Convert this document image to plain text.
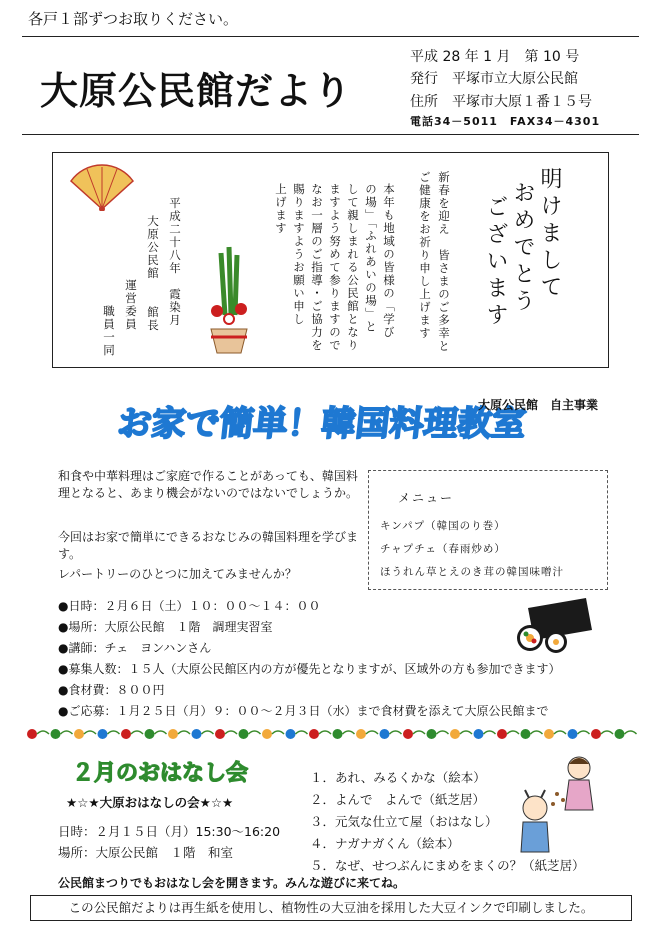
各戸１部ずつお取りください。
大原公民館だより
平成 28 年 1 月　第 10 号
発行　平塚市立大原公民館
住所　平塚市大原１番１５号
電話34－5011　FAX34－4301
明けまして
おめでとう
ございます
新春を迎え　皆さまのご多幸と
ご健康をお祈り申し上げます
本年も地域の皆様の「学び
の場」「ふれあいの場」と
して親しまれる公民館となり
ますよう努めて参りますので
なお一層のご指導・ご協力を
賜りますようお願い申し
上げます
平成二十八年　霞染月
大原公民館　　館長
運営委員
職員一同
お家で簡単！韓国料理教室
大原公民館　自主事業
和食や中華料理はご家庭で作ることがあっても、韓国料理となると、あまり機会がないのではないでしょうか。
今回はお家で簡単にできるおなじみの韓国料理を学びます。
レパートリーのひとつに加えてみませんか？
メニュー
キンパプ（韓国のり巻）
チャプチェ（春雨炒め）
ほうれん草とえのき茸の韓国味噌汁
●日時：２月６日（土）１０：００～１４：００
●場所：大原公民館　１階　調理実習室
●講師：チェ　ヨンハンさん
●募集人数：１５人（大原公民館区内の方が優先となりますが、区域外の方も参加できます）
●食材費：８００円
●ご応募：１月２５日（月）９：００～２月３日（水）まで食材費を添えて大原公民館まで
２月のおはなし会
★☆★大原おはなしの会★☆★
日時：２月１５日（月）15:30～16:20
場所：大原公民館　１階　和室
１．あれ、みるくかな（絵本）
２．よんで　よんで（紙芝居）
３．元気な仕立て屋（おはなし）
４．ナガナガくん（絵本）
５．なぜ、せつぶんにまめをまくの？（紙芝居）
公民館まつりでもおはなし会を開きます。みんな遊びに来てね。
この公民館だよりは再生紙を使用し、植物性の大豆油を採用した大豆インクで印刷しました。
